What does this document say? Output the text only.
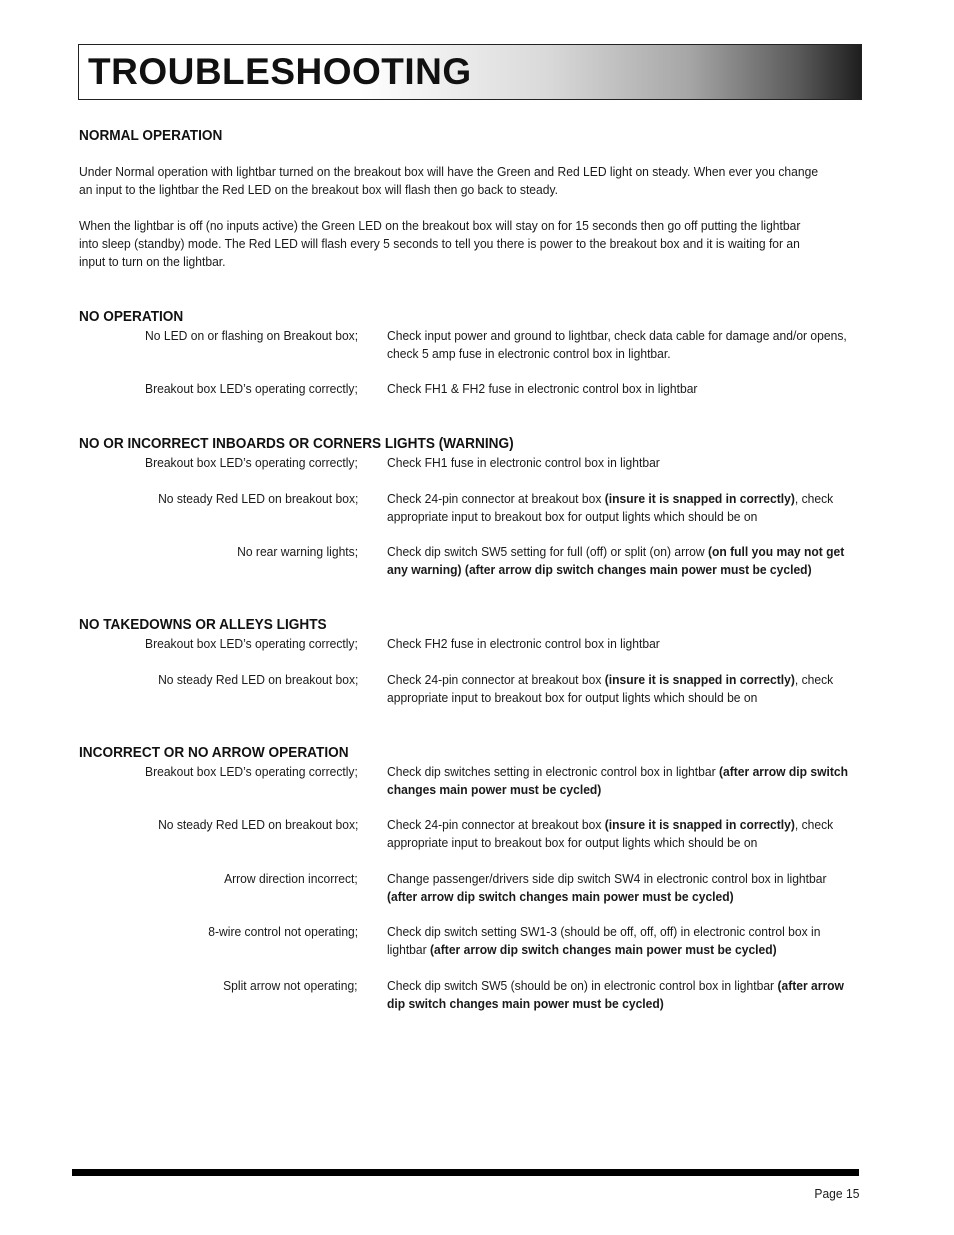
TROUBLESHOOTING
NORMAL OPERATION
Under Normal operation with lightbar turned on the breakout box will have the Green and Red LED light on steady. When ever you change an input to the lightbar the Red LED on the breakout box will flash then go back to steady.
When the lightbar is off (no inputs active) the Green LED on the breakout box will stay on for 15 seconds then go off putting the lightbar into sleep (standby) mode. The Red LED will flash every 5 seconds to tell you there is power to the breakout box and it is waiting for an input to turn on the lightbar.
NO OPERATION
No LED on or flashing on Breakout box; Check input power and ground to lightbar, check data cable for damage and/or opens, check 5 amp fuse in electronic control box in lightbar.
Breakout box LED’s operating correctly; Check FH1 & FH2 fuse in electronic control box in lightbar
NO OR INCORRECT INBOARDS OR CORNERS LIGHTS (WARNING)
Breakout box LED’s operating correctly; Check FH1 fuse in electronic control box in lightbar
No steady Red LED on breakout box; Check 24-pin connector at breakout box (insure it is snapped in correctly), check appropriate input to breakout box for output lights which should be on
No rear warning lights; Check dip switch SW5 setting for full (off) or split (on) arrow (on full you may not get any warning) (after arrow dip switch changes main power must be cycled)
NO TAKEDOWNS OR ALLEYS LIGHTS
Breakout box LED’s operating correctly; Check FH2 fuse in electronic control box in lightbar
No steady Red LED on breakout box; Check 24-pin connector at breakout box (insure it is snapped in correctly), check appropriate input to breakout box for output lights which should be on
INCORRECT OR NO ARROW OPERATION
Breakout box LED’s operating correctly; Check dip switches setting in electronic control box in lightbar (after arrow dip switch changes main power must be cycled)
No steady Red LED on breakout box; Check 24-pin connector at breakout box (insure it is snapped in correctly), check appropriate input to breakout box for output lights which should be on
Arrow direction incorrect; Change passenger/drivers side dip switch SW4 in electronic control box in lightbar (after arrow dip switch changes main power must be cycled)
8-wire control not operating; Check dip switch setting SW1-3 (should be off, off, off) in electronic control box in lightbar (after arrow dip switch changes main power must be cycled)
Split arrow not operating; Check dip switch SW5 (should be on) in electronic control box in lightbar (after arrow dip switch changes main power must be cycled)
Page 15
